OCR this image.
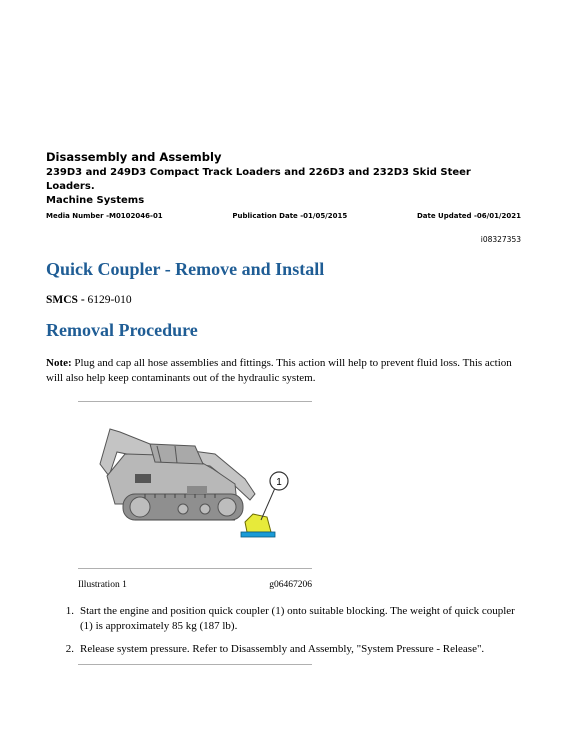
Disassembly and Assembly
239D3 and 249D3 Compact Track Loaders and 226D3 and 232D3 Skid Steer Loaders.
Machine Systems
Media Number -M0102046-01	Publication Date -01/05/2015	Date Updated -06/01/2021
i08327353
Quick Coupler - Remove and Install
SMCS - 6129-010
Removal Procedure
Note: Plug and cap all hose assemblies and fittings. This action will help to prevent fluid loss. This action will also help keep contaminants out of the hydraulic system.
1
Illustration 1	g06467206
1. Start the engine and position quick coupler (1) onto suitable blocking. The weight of quick coupler (1) is approximately 85 kg (187 lb).
2. Release system pressure. Refer to Disassembly and Assembly, "System Pressure - Release".
